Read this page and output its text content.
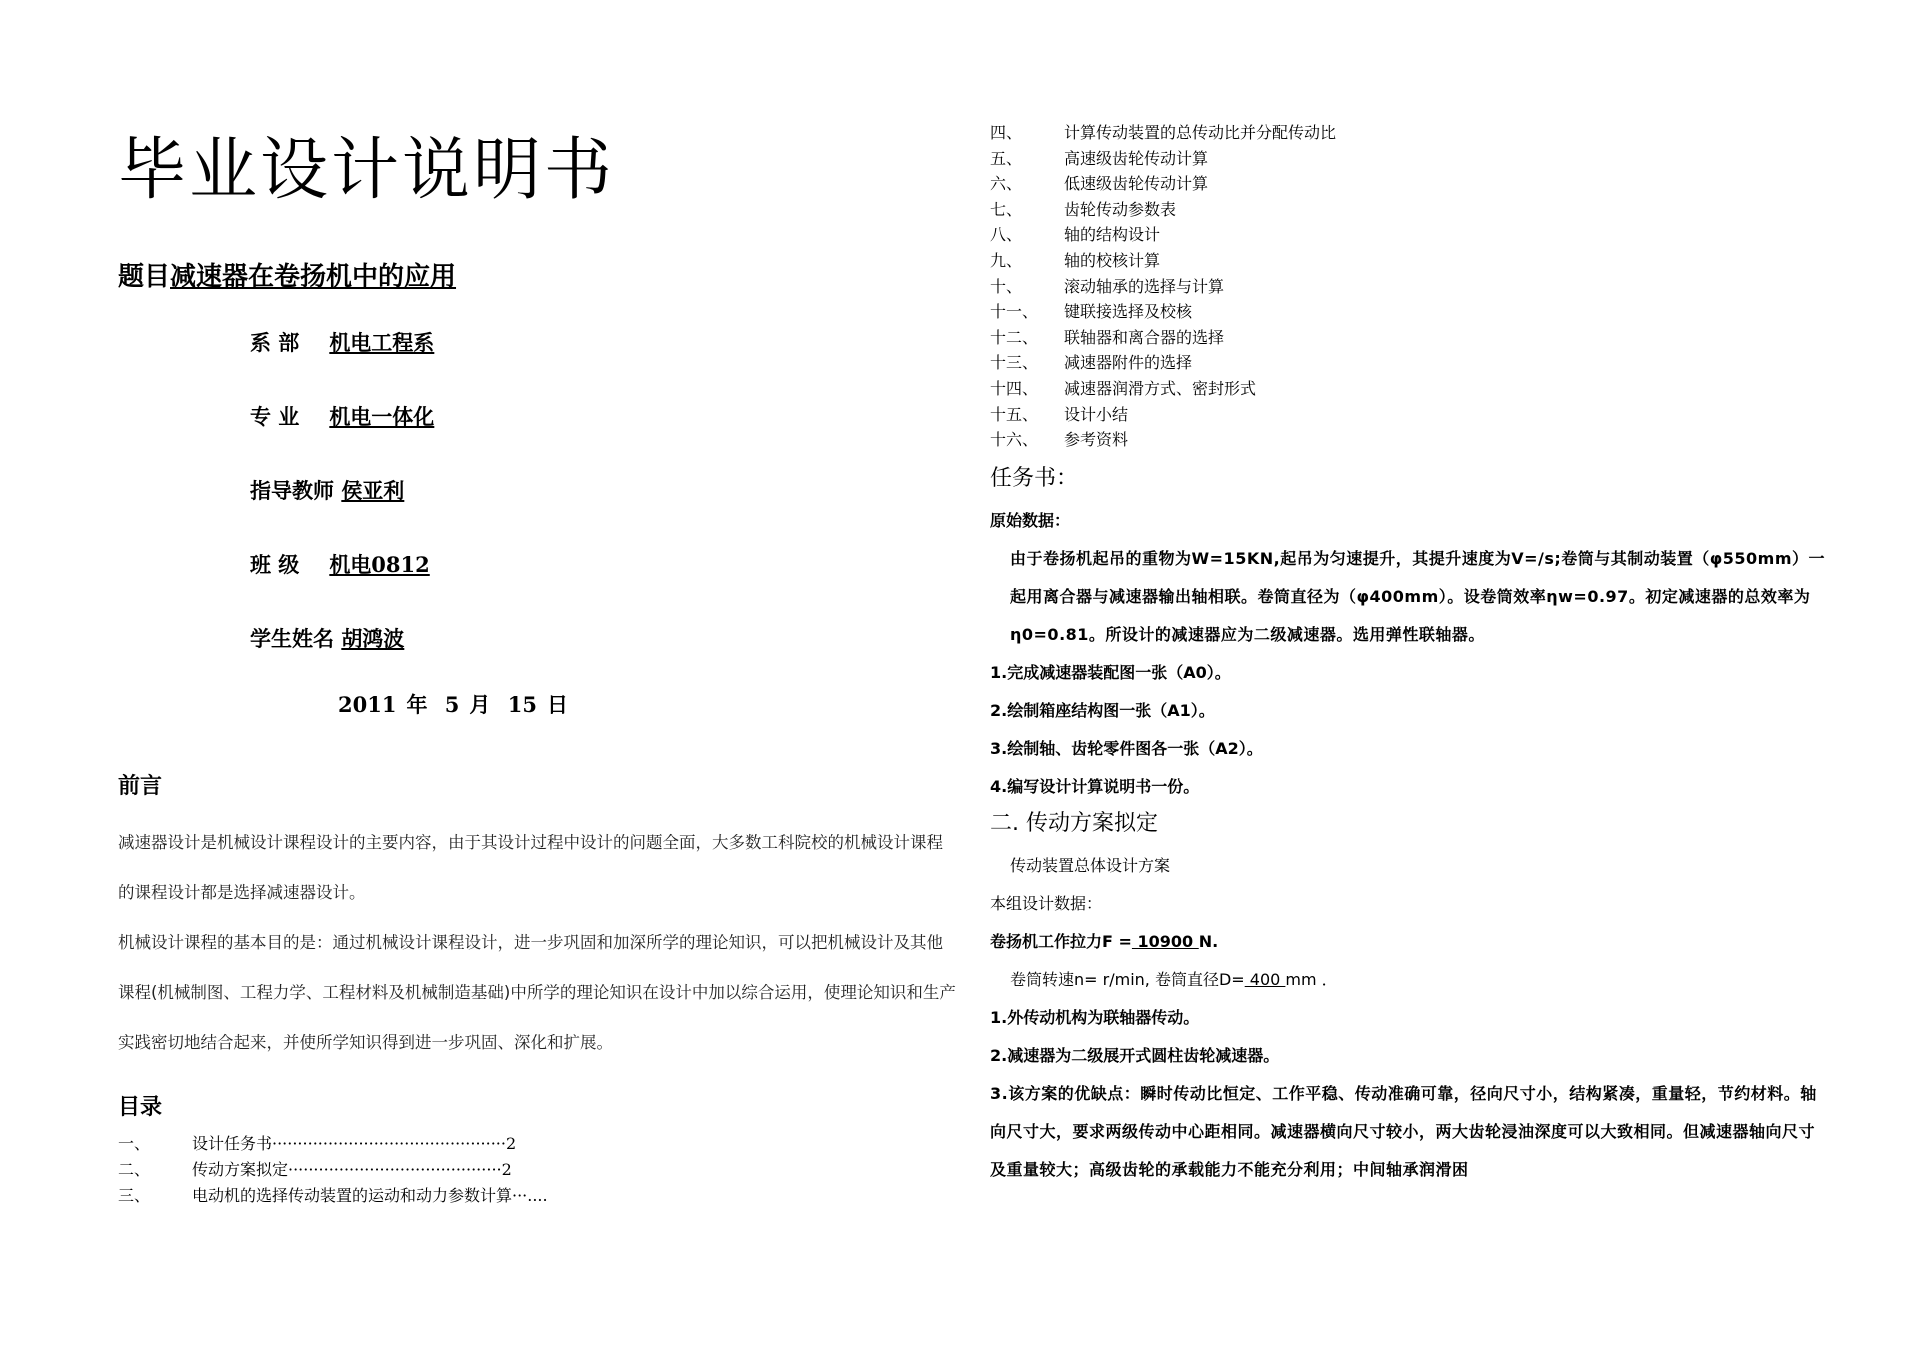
毕业设计说明书
题目减速器在卷扬机中的应用
系 部 机电工程系
专 业 机电一体化
指导教师 侯亚利
班 级 机电0812
学生姓名 胡鸿波
2011 年 5 月 15 日
前言
减速器设计是机械设计课程设计的主要内容，由于其设计过程中设计的问题全面，大多数工科院校的机械设计课程的课程设计都是选择减速器设计。
机械设计课程的基本目的是：通过机械设计课程设计，进一步巩固和加深所学的理论知识，可以把机械设计及其他课程(机械制图、工程力学、工程材料及机械制造基础)中所学的理论知识在设计中加以综合运用，使理论知识和生产实践密切地结合起来，并使所学知识得到进一步巩固、深化和扩展。
目录
一、	设计任务书··············································2
二、	传动方案拟定··········································2
三、	电动机的选择传动装置的运动和动力参数计算···....
四、	计算传动装置的总传动比并分配传动比
五、	高速级齿轮传动计算
六、	低速级齿轮传动计算
七、	齿轮传动参数表
八、	轴的结构设计
九、	轴的校核计算
十、	滚动轴承的选择与计算
十一、	键联接选择及校核
十二、	联轴器和离合器的选择
十三、	减速器附件的选择
十四、	减速器润滑方式、密封形式
十五、	设计小结
十六、	参考资料
任务书：
原始数据：
由于卷扬机起吊的重物为W=15KN,起吊为匀速提升，其提升速度为V=/s;卷筒与其制动装置（φ550mm）一起用离合器与减速器输出轴相联。卷筒直径为（φ400mm）。设卷筒效率ηw=0.97。初定减速器的总效率为η0=0.81。所设计的减速器应为二级减速器。选用弹性联轴器。
1.完成减速器装配图一张（A0）。
2.绘制箱座结构图一张（A1）。
3.绘制轴、齿轮零件图各一张（A2）。
4.编写设计计算说明书一份。
二. 传动方案拟定
传动装置总体设计方案
本组设计数据：
卷扬机工作拉力F = 10900 N.
卷筒转速n= r/min, 卷筒直径D= 400 mm ．
1.外传动机构为联轴器传动。
2.减速器为二级展开式圆柱齿轮减速器。
3.该方案的优缺点：瞬时传动比恒定、工作平稳、传动准确可靠，径向尺寸小，结构紧凑，重量轻，节约材料。轴向尺寸大，要求两级传动中心距相同。减速器横向尺寸较小，两大齿轮浸油深度可以大致相同。但减速器轴向尺寸及重量较大；高级齿轮的承载能力不能充分利用；中间轴承润滑困
